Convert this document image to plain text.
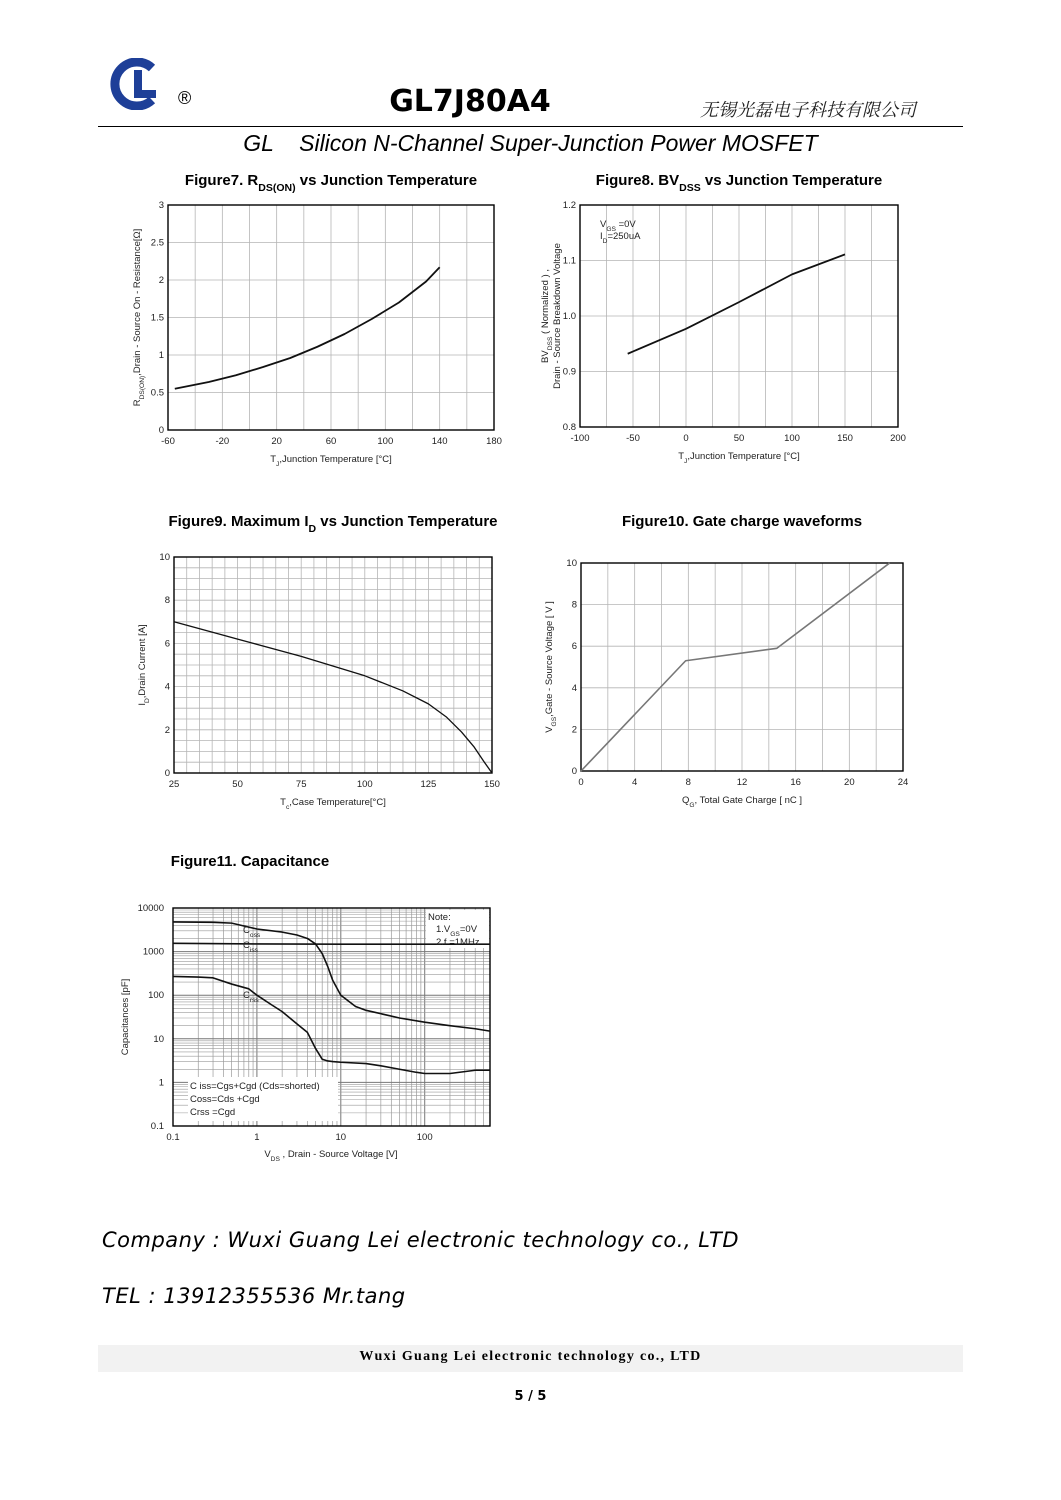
®	GL7J80A4	无锡光磊电子科技有限公司
GL    Silicon N-Channel Super-Junction Power MOSFET
Figure7. $R_{DS(ON)}$ vs Junction Temperature
-60	-20	20	60	100	140	180
0
0.5
1
1.5
2
2.5
3
$T_J,Junction$ Temperature [°C]
$R_{DS(ON)},Drain$ - Source On - Resistance[Ω]
Figure8. $BV_{DSS}$ vs Junction Temperature
-100	-50	0	50	100	150	200
0.8
0.9
1.0
1.1
1.2
$T_J,Junction$ Temperature [°C]
$BV_{DSS}$ ( Normalized ) , Drain - Source Breakdown Voltage
$V_{GS} =0V$
$I_D=250uA$
Figure9. Maximum $I_D$ vs Junction Temperature
25	50	75	100	125	150
0
2
4
6
8
10
$T_c,Case$ Temperature[°C]
$I_D,Drain$ Current [A]
Figure10. Gate charge waveforms
0	4	8	12	16	20	24
0
2
4
6
8
10
$Q_G$, Total Gate Charge [ nC ]
$V_{GS},Gate$ - Source Voltage [ V ]
Figure11. Capacitance
0.1	1	10	100
0.1
1
10
100
1000
10000
$C_{oss}$
$C_{iss}$
$C_{rss}$
Note:
$1.V_{GS}=0V$
2.f =1MHz
C iss=Cgs+Cgd (Cds=shorted)
Coss=Cds +Cgd
Crss =Cgd
$V_{DS}$ , Drain - Source Voltage [V]
Capacitances [pF]
Company : Wuxi Guang Lei electronic technology co., LTD
TEL : 13912355536 Mr.tang
Wuxi Guang Lei electronic technology co., LTD
5 / 5
